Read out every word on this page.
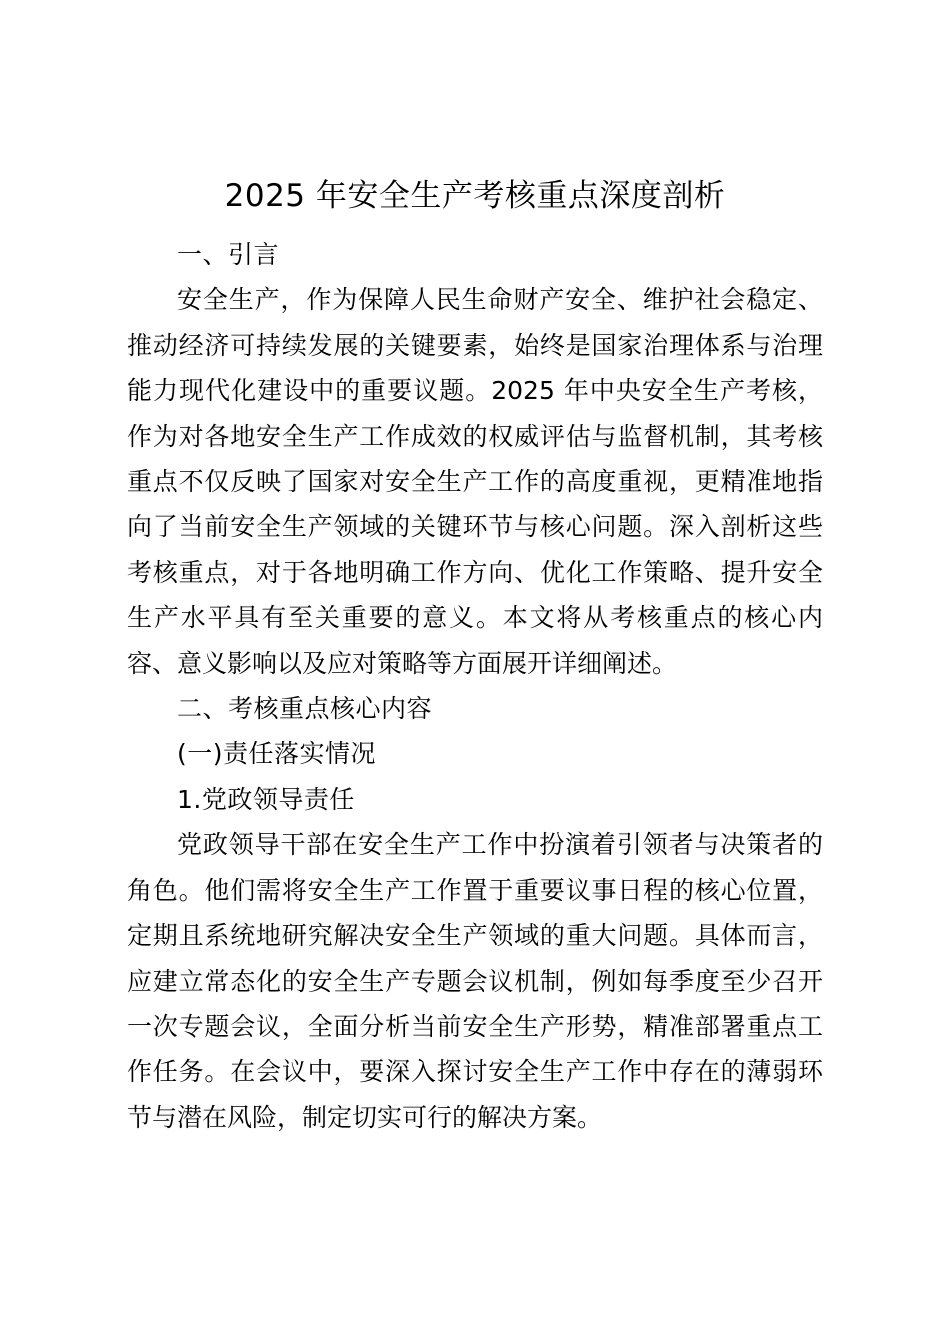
2025 年安全生产考核重点深度剖析

一、引言

安全生产，作为保障人民生命财产安全、维护社会稳定、
推动经济可持续发展的关键要素，始终是国家治理体系与治理
能力现代化建设中的重要议题。2025 年中央安全生产考核，
作为对各地安全生产工作成效的权威评估与监督机制，其考核
重点不仅反映了国家对安全生产工作的高度重视，更精准地指
向了当前安全生产领域的关键环节与核心问题。深入剖析这些
考核重点，对于各地明确工作方向、优化工作策略、提升安全
生产水平具有至关重要的意义。本文将从考核重点的核心内
容、意义影响以及应对策略等方面展开详细阐述。

二、考核重点核心内容

(一)责任落实情况

1.党政领导责任

党政领导干部在安全生产工作中扮演着引领者与决策者的
角色。他们需将安全生产工作置于重要议事日程的核心位置，
定期且系统地研究解决安全生产领域的重大问题。具体而言，
应建立常态化的安全生产专题会议机制，例如每季度至少召开
一次专题会议，全面分析当前安全生产形势，精准部署重点工
作任务。在会议中，要深入探讨安全生产工作中存在的薄弱环
节与潜在风险，制定切实可行的解决方案。
